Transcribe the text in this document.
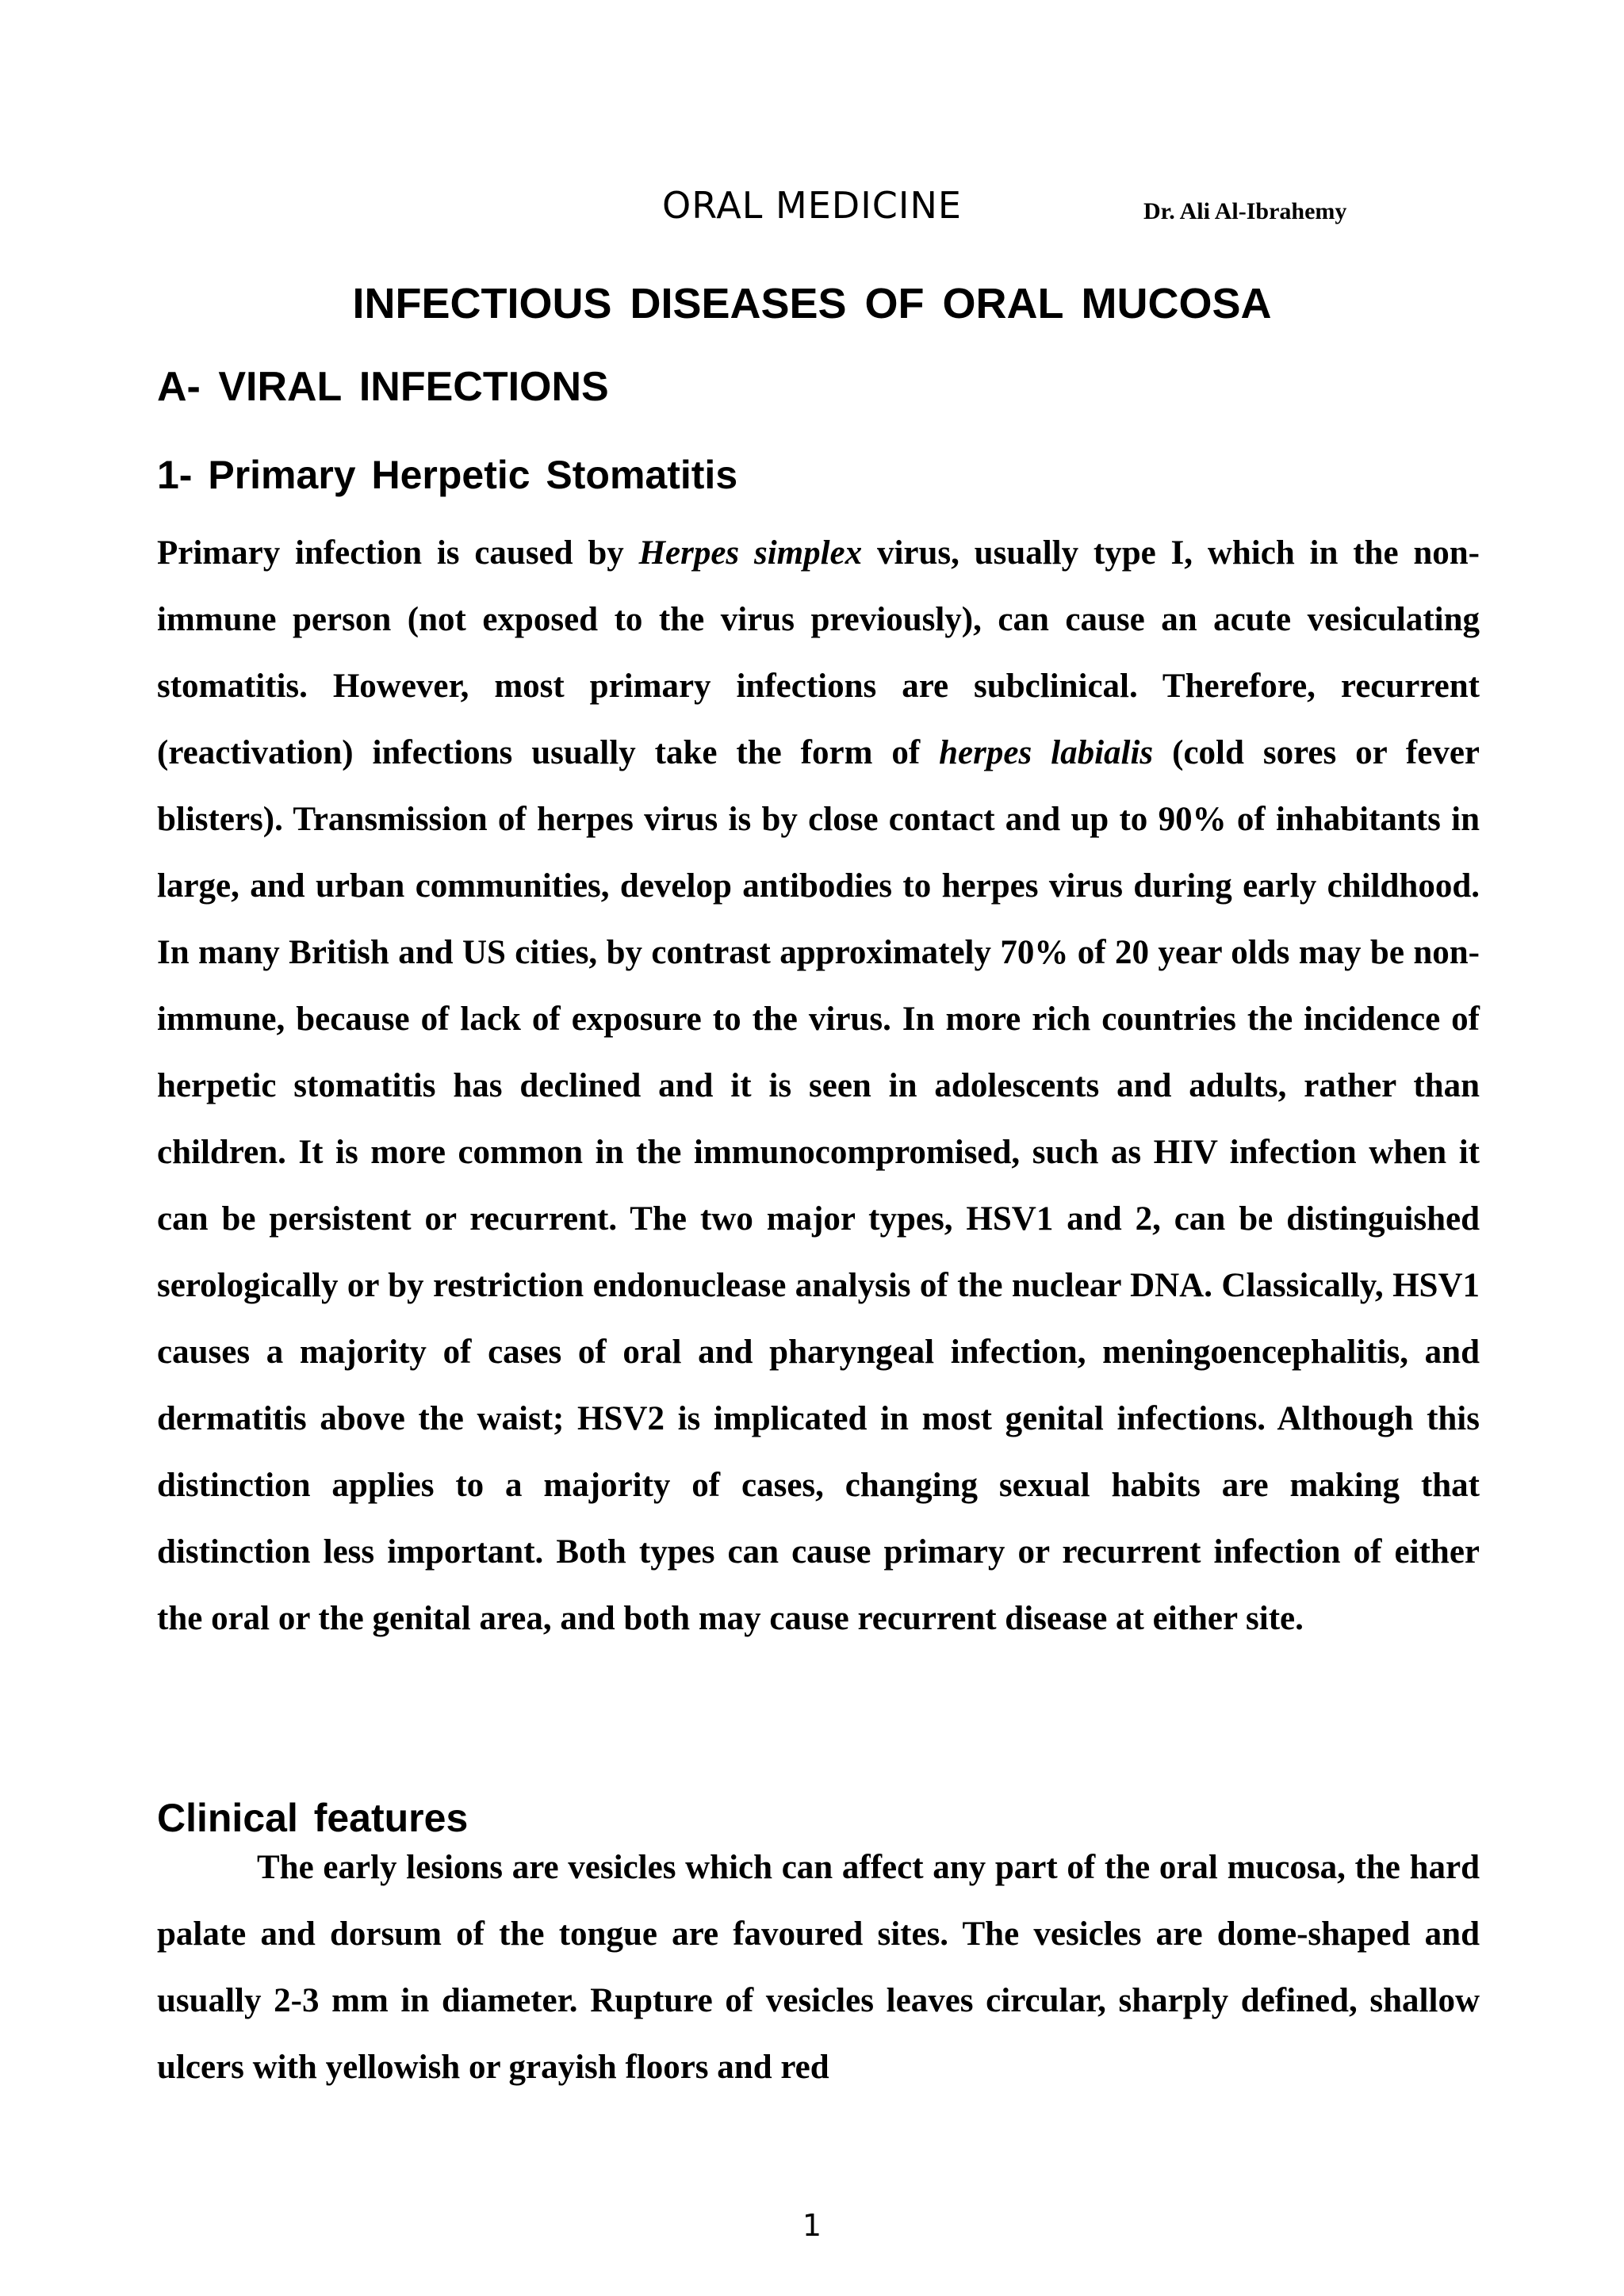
ORAL MEDICINE	Dr. Ali Al-Ibrahemy
INFECTIOUS DISEASES OF ORAL MUCOSA
A- VIRAL INFECTIONS
1- Primary Herpetic Stomatitis

Primary infection is caused by Herpes simplex virus, usually type I, which in the non-immune person (not exposed to the virus previously), can cause an acute vesiculating stomatitis. However, most primary infections are subclinical. Therefore, recurrent (reactivation) infections usually take the form of herpes labialis (cold sores or fever blisters). Transmission of herpes virus is by close contact and up to 90% of inhabitants in large, and urban communities, develop antibodies to herpes virus during early childhood. In many British and US cities, by contrast approximately 70% of 20 year olds may be non-immune, because of lack of exposure to the virus. In more rich countries the incidence of herpetic stomatitis has declined and it is seen in adolescents and adults, rather than children. It is more common in the immunocompromised, such as HIV infection when it can be persistent or recurrent. The two major types, HSV1 and 2, can be distinguished serologically or by restriction endonuclease analysis of the nuclear DNA. Classically, HSV1 causes a majority of cases of oral and pharyngeal infection, meningoencephalitis, and dermatitis above the waist; HSV2 is implicated in most genital infections. Although this distinction applies to a majority of cases, changing sexual habits are making that distinction less important. Both types can cause primary or recurrent infection of either the oral or the genital area, and both may cause recurrent disease at either site.

Clinical features

The early lesions are vesicles which can affect any part of the oral mucosa, the hard palate and dorsum of the tongue are favoured sites. The vesicles are dome-shaped and usually 2-3 mm in diameter. Rupture of vesicles leaves circular, sharply defined, shallow ulcers with yellowish or grayish floors and red

1
